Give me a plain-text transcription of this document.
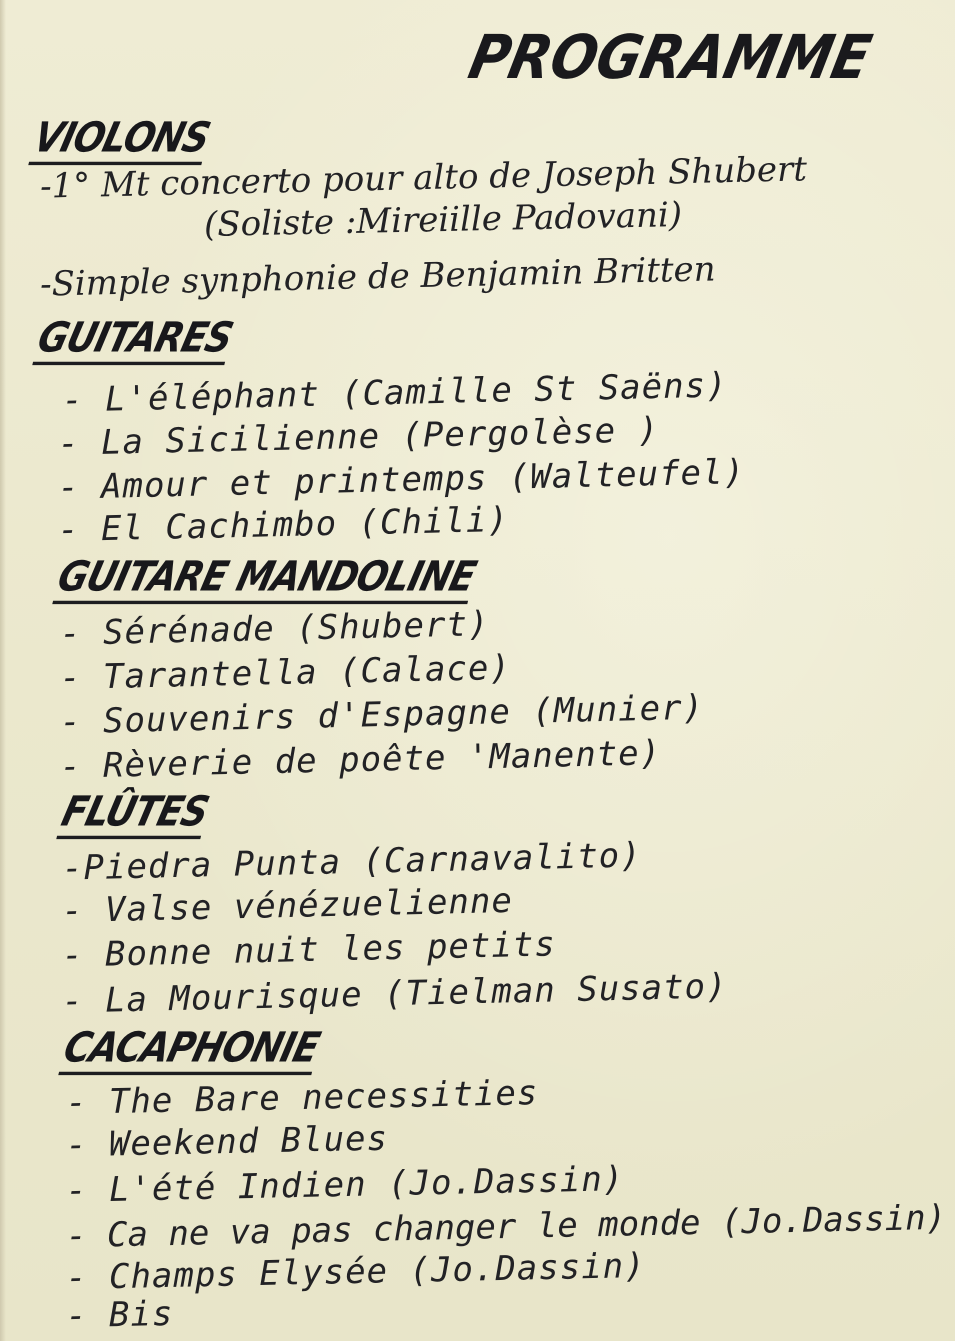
PROGRAMME
VIOLONS
-1° Mt concerto pour alto de Joseph Shubert
(Soliste :Mireiille Padovani)
-Simple synphonie de Benjamin Britten
GUITARES
- L'éléphant (Camille St Saëns)
- La Sicilienne (Pergolèse )
- Amour et printemps (Walteufel)
- El Cachimbo (Chili)
GUITARE MANDOLINE
- Sérénade (Shubert)
- Tarantella (Calace)
- Souvenirs d'Espagne (Munier)
- Rèverie de poête 'Manente)
FLÛTES
-Piedra Punta (Carnavalito)
- Valse vénézuelienne
- Bonne nuit les petits
- La Mourisque (Tielman Susato)
CACAPHONIE
- The Bare necessities
- Weekend Blues
- L'été Indien (Jo.Dassin)
- Ca ne va pas changer le monde (Jo.Dassin)
- Champs Elysée (Jo.Dassin)
- Bis
